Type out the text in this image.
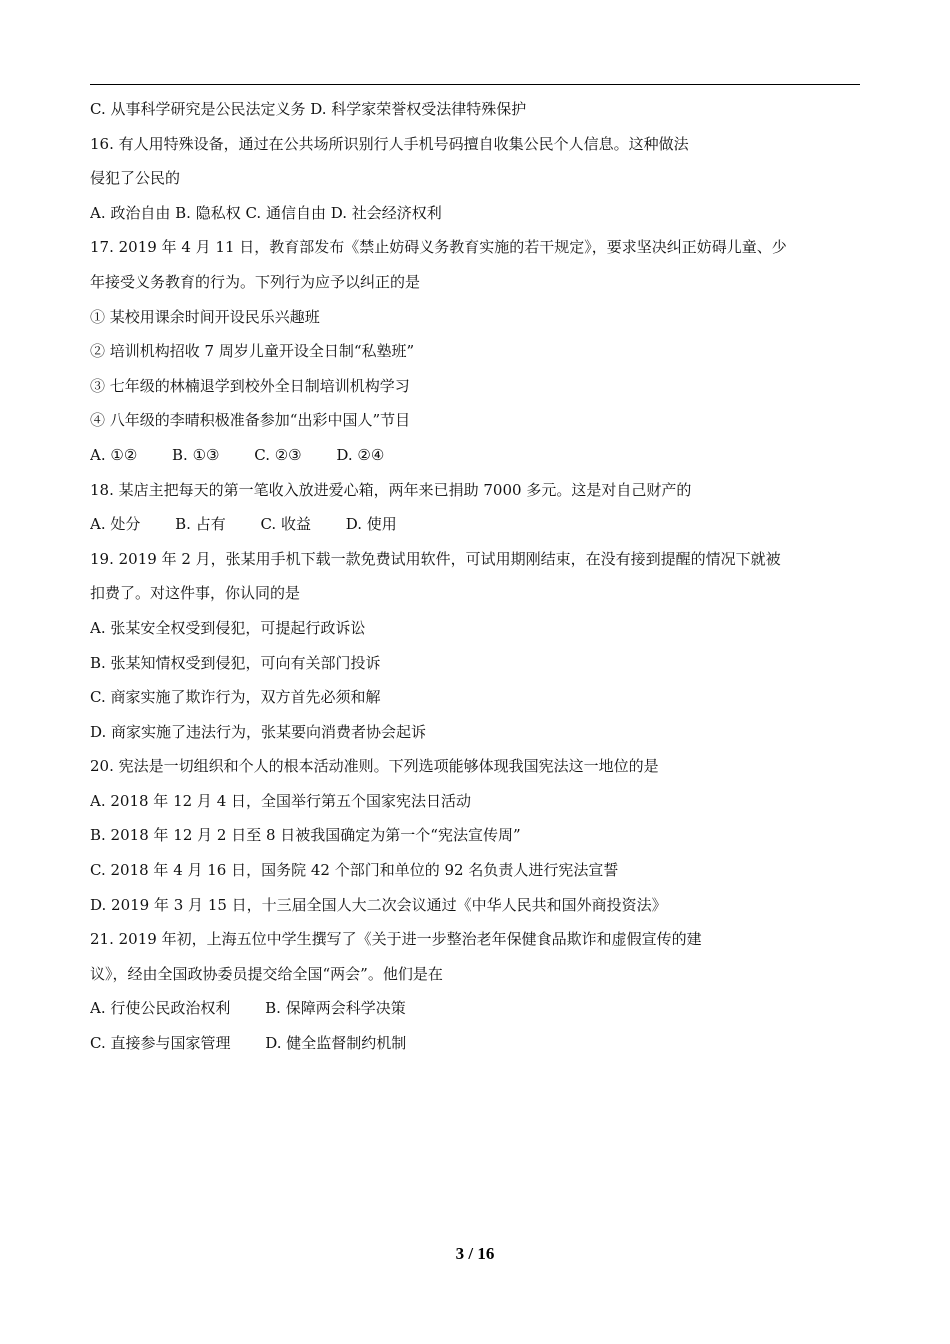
C. 从事科学研究是公民法定义务 D. 科学家荣誉权受法律特殊保护
16. 有人用特殊设备，通过在公共场所识别行人手机号码擅自收集公民个人信息。这种做法
侵犯了公民的
A. 政治自由 B. 隐私权 C. 通信自由 D. 社会经济权利
17. 2019 年 4 月 11 日，教育部发布《禁止妨碍义务教育实施的若干规定》，要求坚决纠正妨碍儿童、少
年接受义务教育的行为。下列行为应予以纠正的是
① 某校用课余时间开设民乐兴趣班
② 培训机构招收 7 周岁儿童开设全日制“私塾班”
③ 七年级的林楠退学到校外全日制培训机构学习
④ 八年级的李晴积极准备参加“出彩中国人”节目
A. ①②　　 B. ①③　　 C. ②③　　 D. ②④
18. 某店主把每天的第一笔收入放进爱心箱，两年来已捐助 7000 多元。这是对自己财产的
A. 处分　　 B. 占有　　 C. 收益　　 D. 使用
19. 2019 年 2 月，张某用手机下载一款免费试用软件，可试用期刚结束，在没有接到提醒的情况下就被
扣费了。对这件事，你认同的是
A. 张某安全权受到侵犯，可提起行政诉讼
B. 张某知情权受到侵犯，可向有关部门投诉
C. 商家实施了欺诈行为，双方首先必须和解
D. 商家实施了违法行为，张某要向消费者协会起诉
20. 宪法是一切组织和个人的根本活动准则。下列选项能够体现我国宪法这一地位的是
A. 2018 年 12 月 4 日，全国举行第五个国家宪法日活动
B. 2018 年 12 月 2 日至 8 日被我国确定为第一个“宪法宣传周”
C. 2018 年 4 月 16 日，国务院 42 个部门和单位的 92 名负责人进行宪法宣誓
D. 2019 年 3 月 15 日，十三届全国人大二次会议通过《中华人民共和国外商投资法》
21. 2019 年初，上海五位中学生撰写了《关于进一步整治老年保健食品欺诈和虚假宣传的建
议》，经由全国政协委员提交给全国“两会”。他们是在
A. 行使公民政治权利　　 B. 保障两会科学决策
C. 直接参与国家管理　　 D. 健全监督制约机制
3 / 16
